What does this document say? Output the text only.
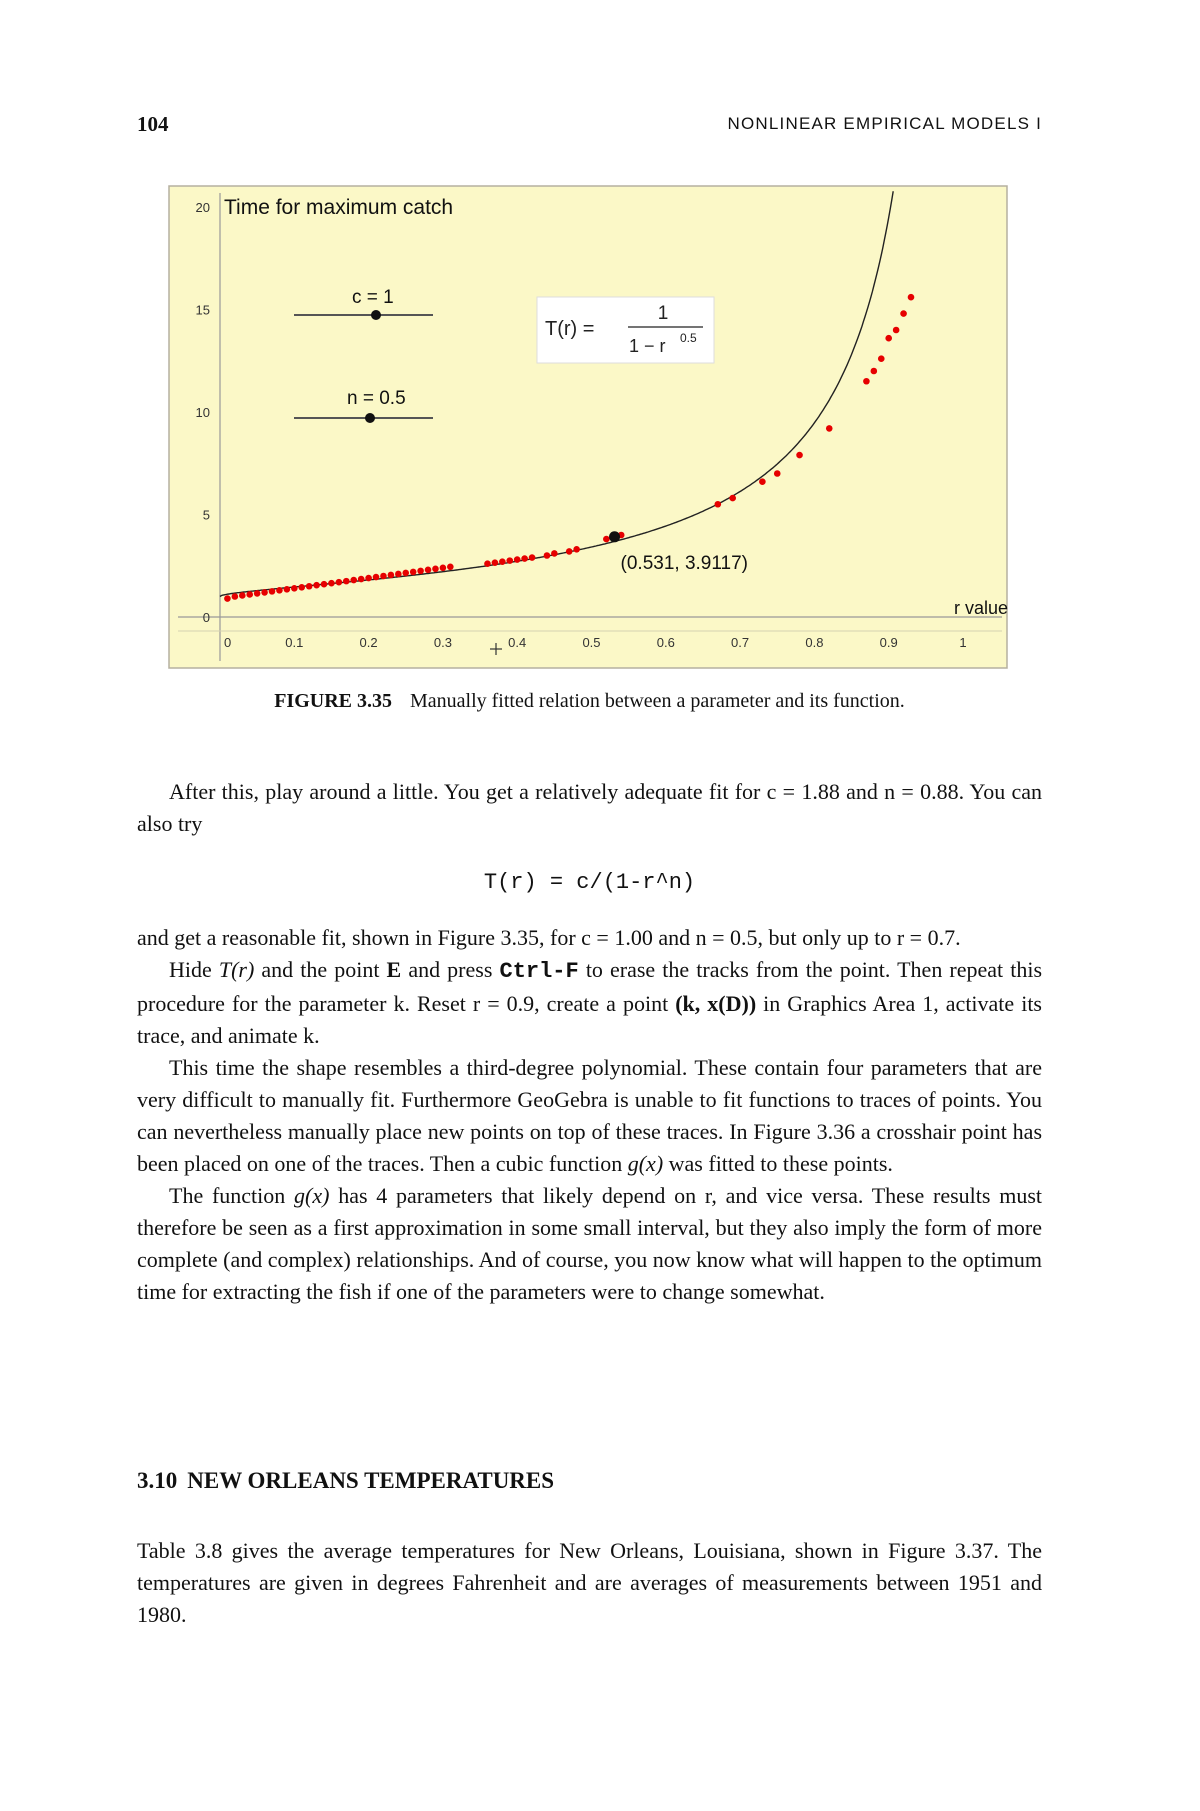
104	NONLINEAR EMPIRICAL MODELS I
0	0.1	0.2	0.3	0.4	0.5	0.6	0.7	0.8	0.9	1
0
5
10
15
20 Time for maximum catch
c = 1
n = 0.5
T(r) =
1
1 − r 0.5
(0.531, 3.9117)
r value
FIGURE 3.35 Manually fitted relation between a parameter and its function.

After this, play around a little. You get a relatively adequate fit for c = 1.88 and n = 0.88. You can also try

T(r) = c/(1-r^n)

and get a reasonable fit, shown in Figure 3.35, for c = 1.00 and n = 0.5, but only up to r = 0.7.

Hide T(r) and the point E and press Ctrl-F to erase the tracks from the point. Then repeat this procedure for the parameter k. Reset r = 0.9, create a point (k, x(D)) in Graphics Area 1, activate its trace, and animate k.

This time the shape resembles a third-degree polynomial. These contain four parameters that are very difficult to manually fit. Furthermore GeoGebra is unable to fit functions to traces of points. You can nevertheless manually place new points on top of these traces. In Figure 3.36 a crosshair point has been placed on one of the traces. Then a cubic function g(x) was fitted to these points.

The function g(x) has 4 parameters that likely depend on r, and vice versa. These results must therefore be seen as a first approximation in some small interval, but they also imply the form of more complete (and complex) relationships. And of course, you now know what will happen to the optimum time for extracting the fish if one of the parameters were to change somewhat.

3.10 NEW ORLEANS TEMPERATURES

Table 3.8 gives the average temperatures for New Orleans, Louisiana, shown in Figure 3.37. The temperatures are given in degrees Fahrenheit and are averages of measurements between 1951 and 1980.
